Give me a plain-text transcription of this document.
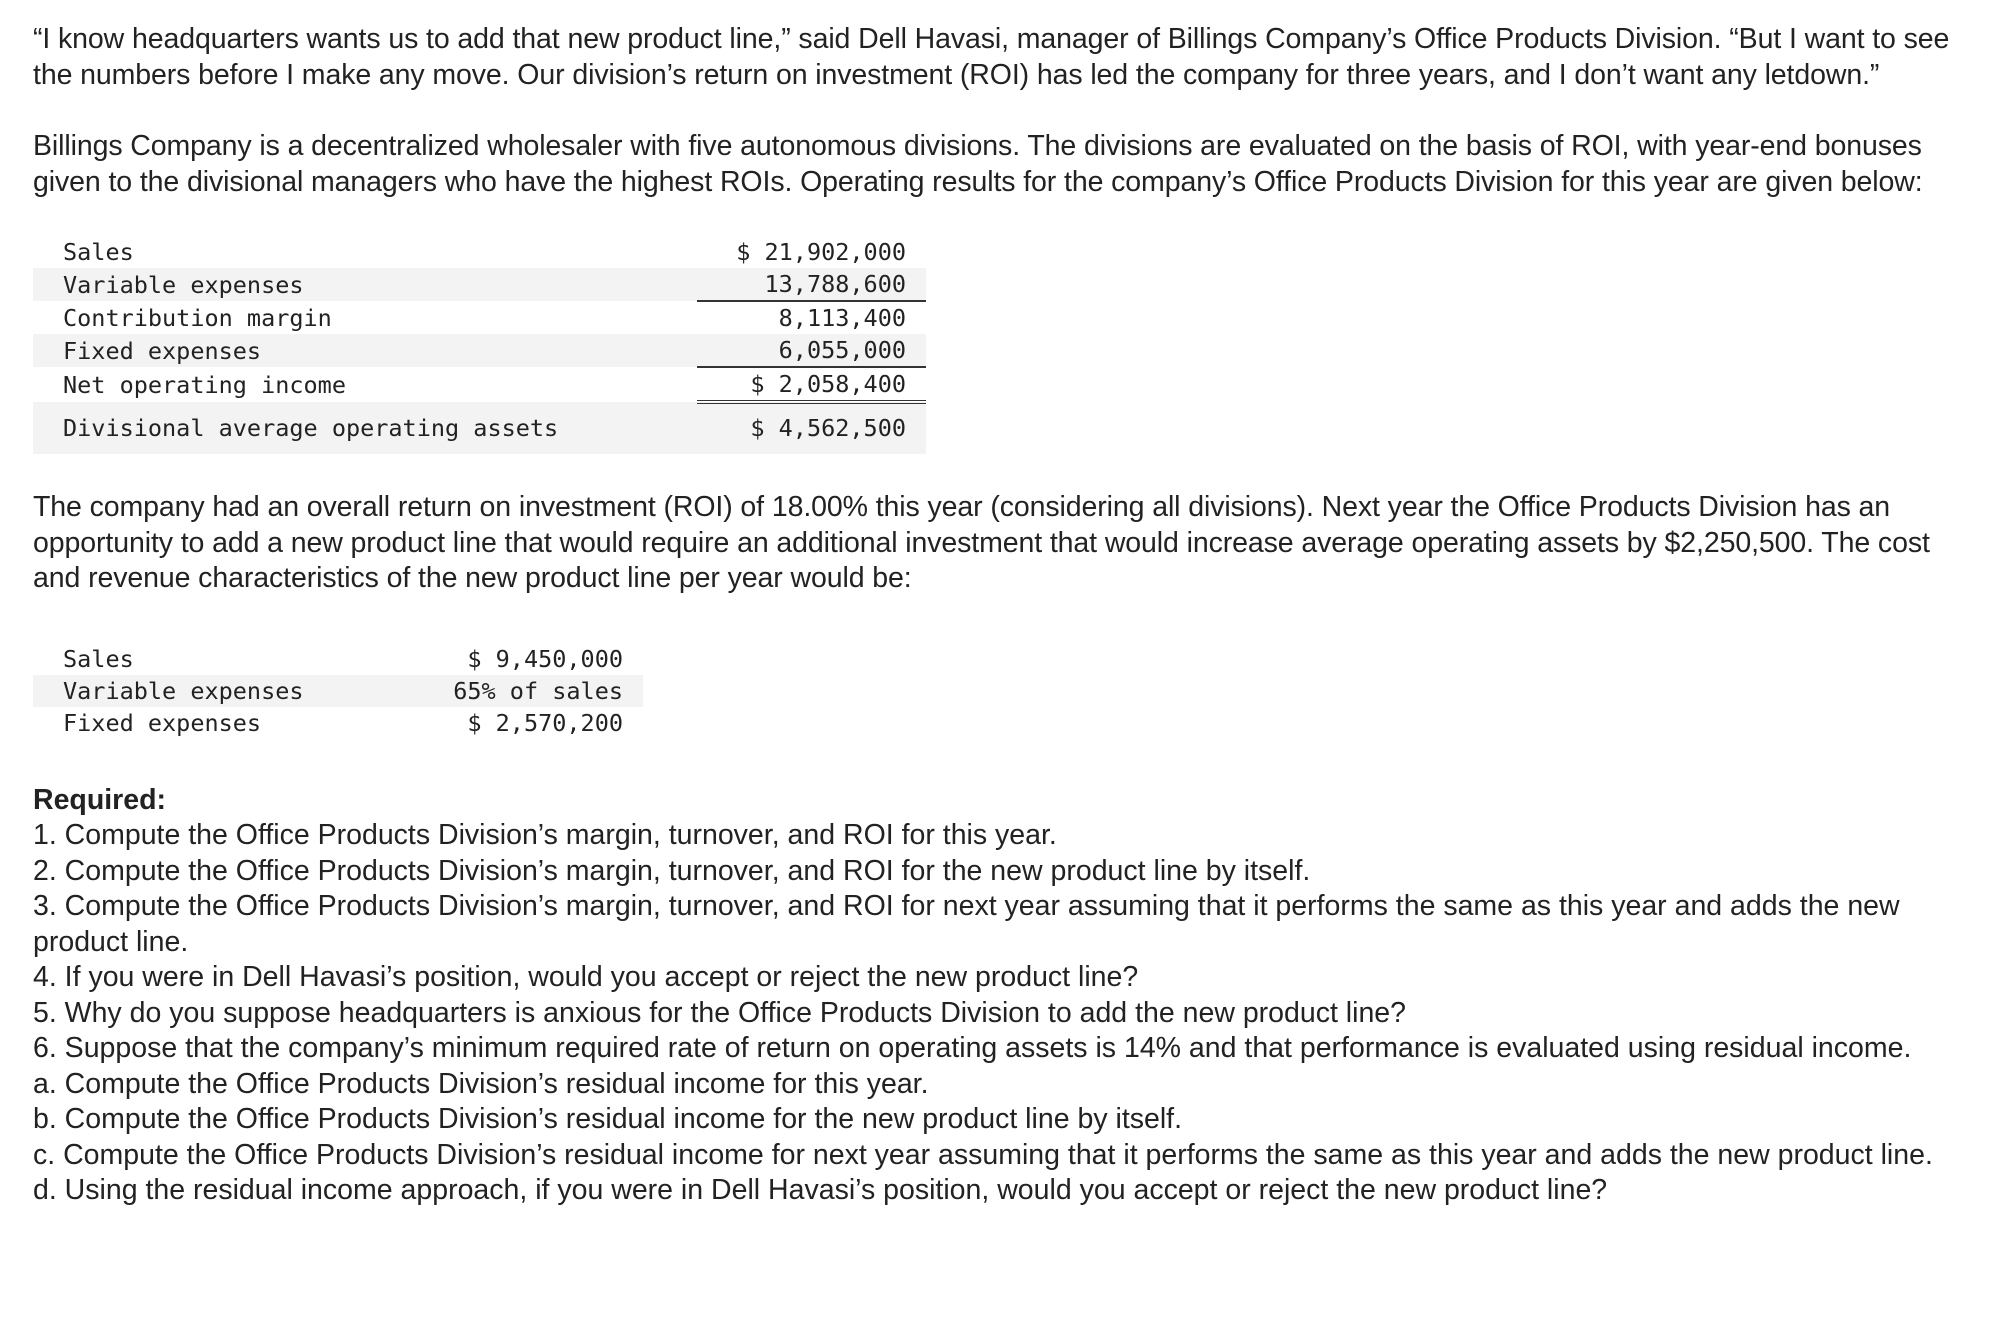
“I know headquarters wants us to add that new product line,” said Dell Havasi, manager of Billings Company’s Office Products Division. “But I want to see the numbers before I make any move. Our division’s return on investment (ROI) has led the company for three years, and I don’t want any letdown.”

Billings Company is a decentralized wholesaler with five autonomous divisions. The divisions are evaluated on the basis of ROI, with year-end bonuses given to the divisional managers who have the highest ROIs. Operating results for the company’s Office Products Division for this year are given below:

Sales	$ 21,902,000
Variable expenses	13,788,600
Contribution margin	8,113,400
Fixed expenses	6,055,000
Net operating income	$ 2,058,400

Divisional average operating assets	$ 4,562,500

The company had an overall return on investment (ROI) of 18.00% this year (considering all divisions). Next year the Office Products Division has an opportunity to add a new product line that would require an additional investment that would increase average operating assets by $2,250,500. The cost and revenue characteristics of the new product line per year would be:

Sales	$ 9,450,000
Variable expenses	65% of sales
Fixed expenses	$ 2,570,200

Required:

1. Compute the Office Products Division’s margin, turnover, and ROI for this year.

2. Compute the Office Products Division’s margin, turnover, and ROI for the new product line by itself.

3. Compute the Office Products Division’s margin, turnover, and ROI for next year assuming that it performs the same as this year and adds the new product line.

4. If you were in Dell Havasi’s position, would you accept or reject the new product line?

5. Why do you suppose headquarters is anxious for the Office Products Division to add the new product line?

6. Suppose that the company’s minimum required rate of return on operating assets is 14% and that performance is evaluated using residual income.

a. Compute the Office Products Division’s residual income for this year.

b. Compute the Office Products Division’s residual income for the new product line by itself.

c. Compute the Office Products Division’s residual income for next year assuming that it performs the same as this year and adds the new product line.

d. Using the residual income approach, if you were in Dell Havasi’s position, would you accept or reject the new product line?
